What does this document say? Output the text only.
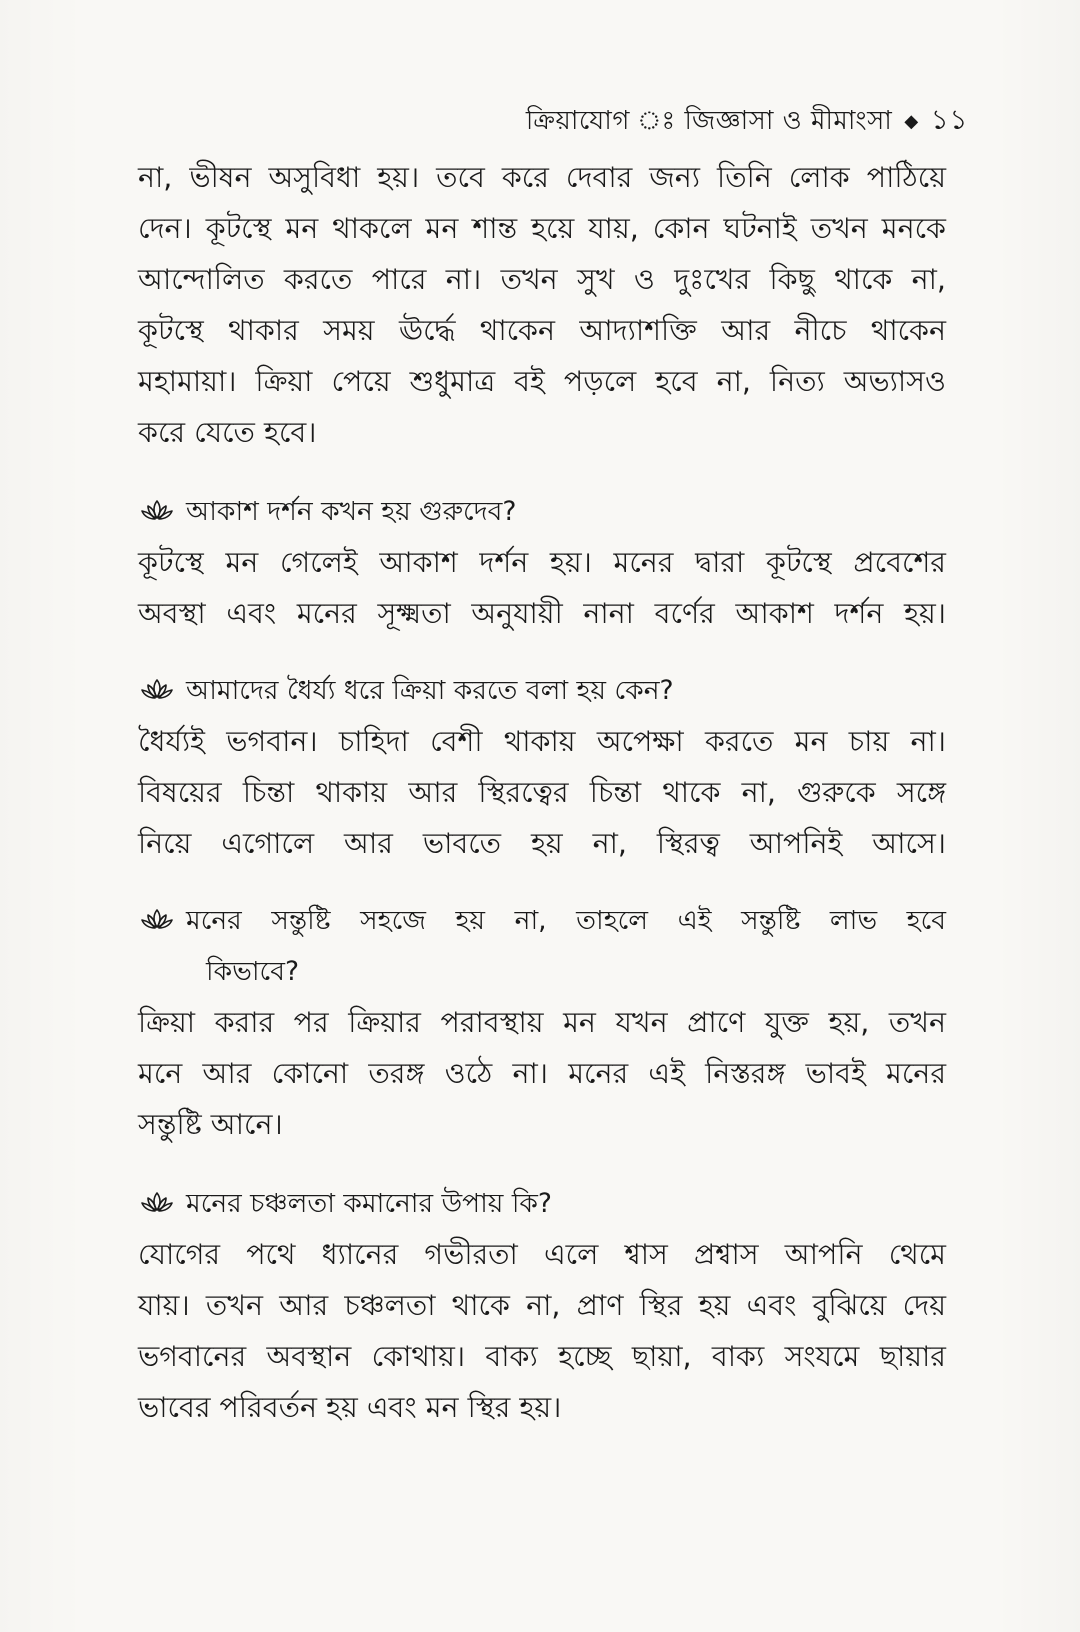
ক্রিয়াযোগ ঃ জিজ্ঞাসা ও মীমাংসা ◆ ১১

না, ভীষন অসুবিধা হয়। তবে করে দেবার জন্য তিনি লোক পাঠিয়ে
দেন। কূটস্থে মন থাকলে মন শান্ত হয়ে যায়, কোন ঘটনাই তখন মনকে
আন্দোলিত করতে পারে না। তখন সুখ ও দুঃখের কিছু থাকে না,
কূটস্থে থাকার সময় ঊর্দ্ধে থাকেন আদ্যাশক্তি আর নীচে থাকেন
মহামায়া। ক্রিয়া পেয়ে শুধুমাত্র বই পড়লে হবে না, নিত্য অভ্যাসও
করে যেতে হবে।

আকাশ দর্শন কখন হয় গুরুদেব?

কূটস্থে মন গেলেই আকাশ দর্শন হয়। মনের দ্বারা কূটস্থে প্রবেশের
অবস্থা এবং মনের সূক্ষ্মতা অনুযায়ী নানা বর্ণের আকাশ দর্শন হয়।

আমাদের ধৈর্য্য ধরে ক্রিয়া করতে বলা হয় কেন?

ধৈর্য্যই ভগবান। চাহিদা বেশী থাকায় অপেক্ষা করতে মন চায় না।
বিষয়ের চিন্তা থাকায় আর স্থিরত্বের চিন্তা থাকে না, গুরুকে সঙ্গে
নিয়ে এগোলে আর ভাবতে হয় না, স্থিরত্ব আপনিই আসে।

মনের সন্তুষ্টি সহজে হয় না, তাহলে এই সন্তুষ্টি লাভ হবে
কিভাবে?

ক্রিয়া করার পর ক্রিয়ার পরাবস্থায় মন যখন প্রাণে যুক্ত হয়, তখন
মনে আর কোনো তরঙ্গ ওঠে না। মনের এই নিস্তরঙ্গ ভাবই মনের
সন্তুষ্টি আনে।

মনের চঞ্চলতা কমানোর উপায় কি?

যোগের পথে ধ্যানের গভীরতা এলে শ্বাস প্রশ্বাস আপনি থেমে
যায়। তখন আর চঞ্চলতা থাকে না, প্রাণ স্থির হয় এবং বুঝিয়ে দেয়
ভগবানের অবস্থান কোথায়। বাক্য হচ্ছে ছায়া, বাক্য সংযমে ছায়ার
ভাবের পরিবর্তন হয় এবং মন স্থির হয়।
